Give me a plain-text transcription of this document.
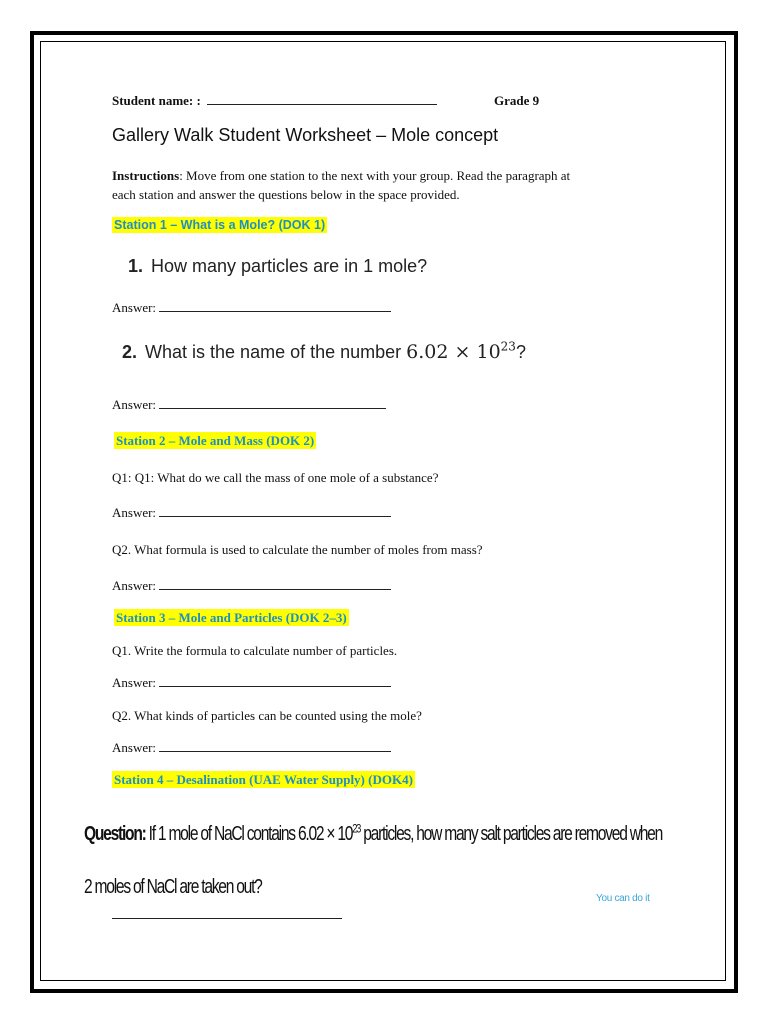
Student name: :	Grade 9
Gallery Walk Student Worksheet – Mole concept
Instructions: Move from one station to the next with your group. Read the paragraph at
each station and answer the questions below in the space provided.
Station 1 – What is a Mole? (DOK 1)
1. How many particles are in 1 mole?
Answer:
2. What is the name of the number $6.02 \times 10^{23}$?
Answer:
Station 2 – Mole and Mass (DOK 2)
Q1: Q1: What do we call the mass of one mole of a substance?
Answer:
Q2. What formula is used to calculate the number of moles from mass?
Answer:
Station 3 – Mole and Particles (DOK 2–3)
Q1. Write the formula to calculate number of particles.
Answer:
Q2. What kinds of particles can be counted using the mole?
Answer:
Station 4 – Desalination (UAE Water Supply) (DOK4)
Question: If 1 mole of NaCl contains $6.02 \times 10^{23}$ particles, how many salt particles are removed when
2 moles of NaCl are taken out?
You can do it
